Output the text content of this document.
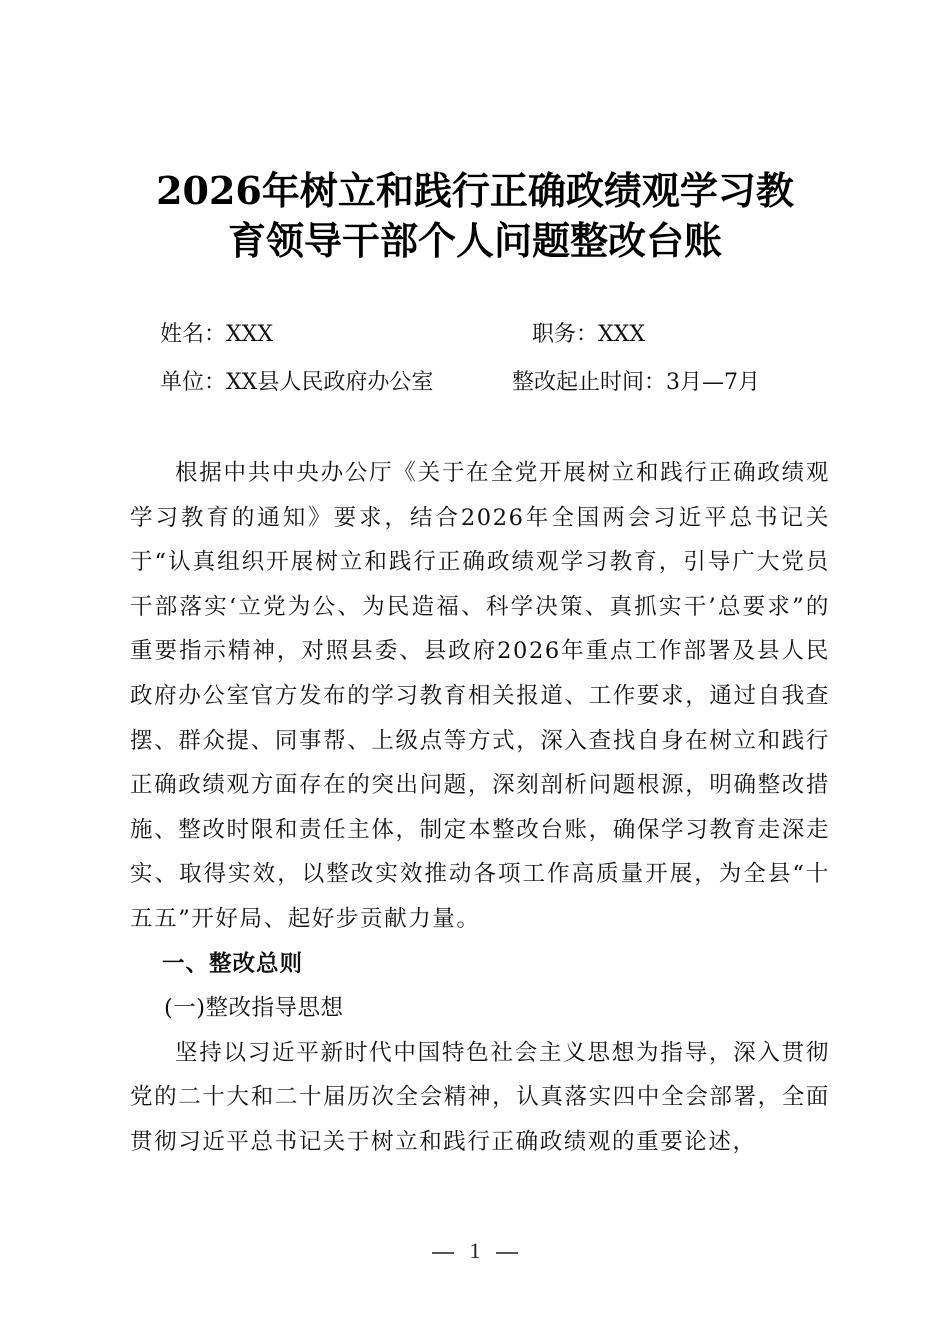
2026年树立和践行正确政绩观学习教
育领导干部个人问题整改台账
姓名：XXX	职务：XXX
单位：XX县人民政府办公室	整改起止时间：3月—7月

根据中共中央办公厅《关于在全党开展树立和践行正确政绩观学习教育的通知》要求，结合2026年全国两会习近平总书记关于“认真组织开展树立和践行正确政绩观学习教育，引导广大党员干部落实‘立党为公、为民造福、科学决策、真抓实干’总要求”的重要指示精神，对照县委、县政府2026年重点工作部署及县人民政府办公室官方发布的学习教育相关报道、工作要求，通过自我查摆、群众提、同事帮、上级点等方式，深入查找自身在树立和践行正确政绩观方面存在的突出问题，深刻剖析问题根源，明确整改措施、整改时限和责任主体，制定本整改台账，确保学习教育走深走实、取得实效，以整改实效推动各项工作高质量开展，为全县“十五五”开好局、起好步贡献力量。

一、整改总则

(一)整改指导思想

坚持以习近平新时代中国特色社会主义思想为指导，深入贯彻党的二十大和二十届历次全会精神，认真落实四中全会部署，全面贯彻习近平总书记关于树立和践行正确政绩观的重要论述，

1
